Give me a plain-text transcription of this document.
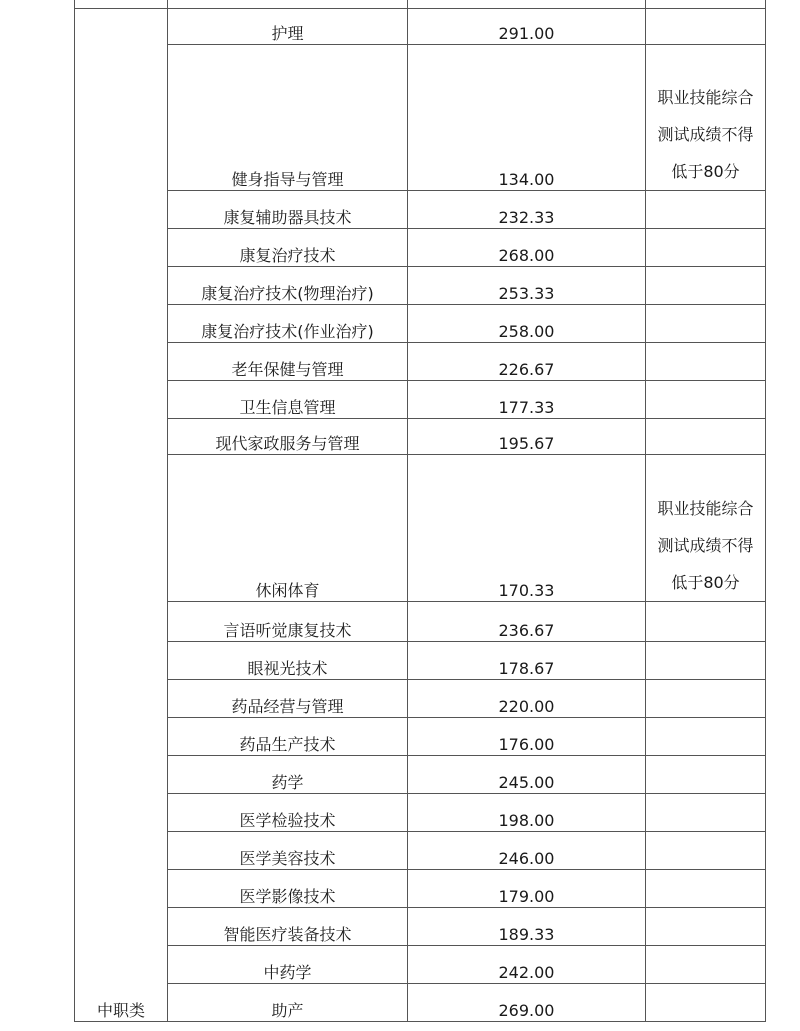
中职类	护理	291.00	

	健身指导与管理	134.00	职业技能综合测试成绩不得低于80分

	康复辅助器具技术	232.33	

	康复治疗技术	268.00	

	康复治疗技术(物理治疗)	253.33	

	康复治疗技术(作业治疗)	258.00	

	老年保健与管理	226.67	

	卫生信息管理	177.33	

	现代家政服务与管理	195.67	

	休闲体育	170.33	职业技能综合测试成绩不得低于80分

	言语听觉康复技术	236.67	

	眼视光技术	178.67	

	药品经营与管理	220.00	

	药品生产技术	176.00	

	药学	245.00	

	医学检验技术	198.00	

	医学美容技术	246.00	

	医学影像技术	179.00	

	智能医疗装备技术	189.33	

	中药学	242.00	

	助产	269.00	
